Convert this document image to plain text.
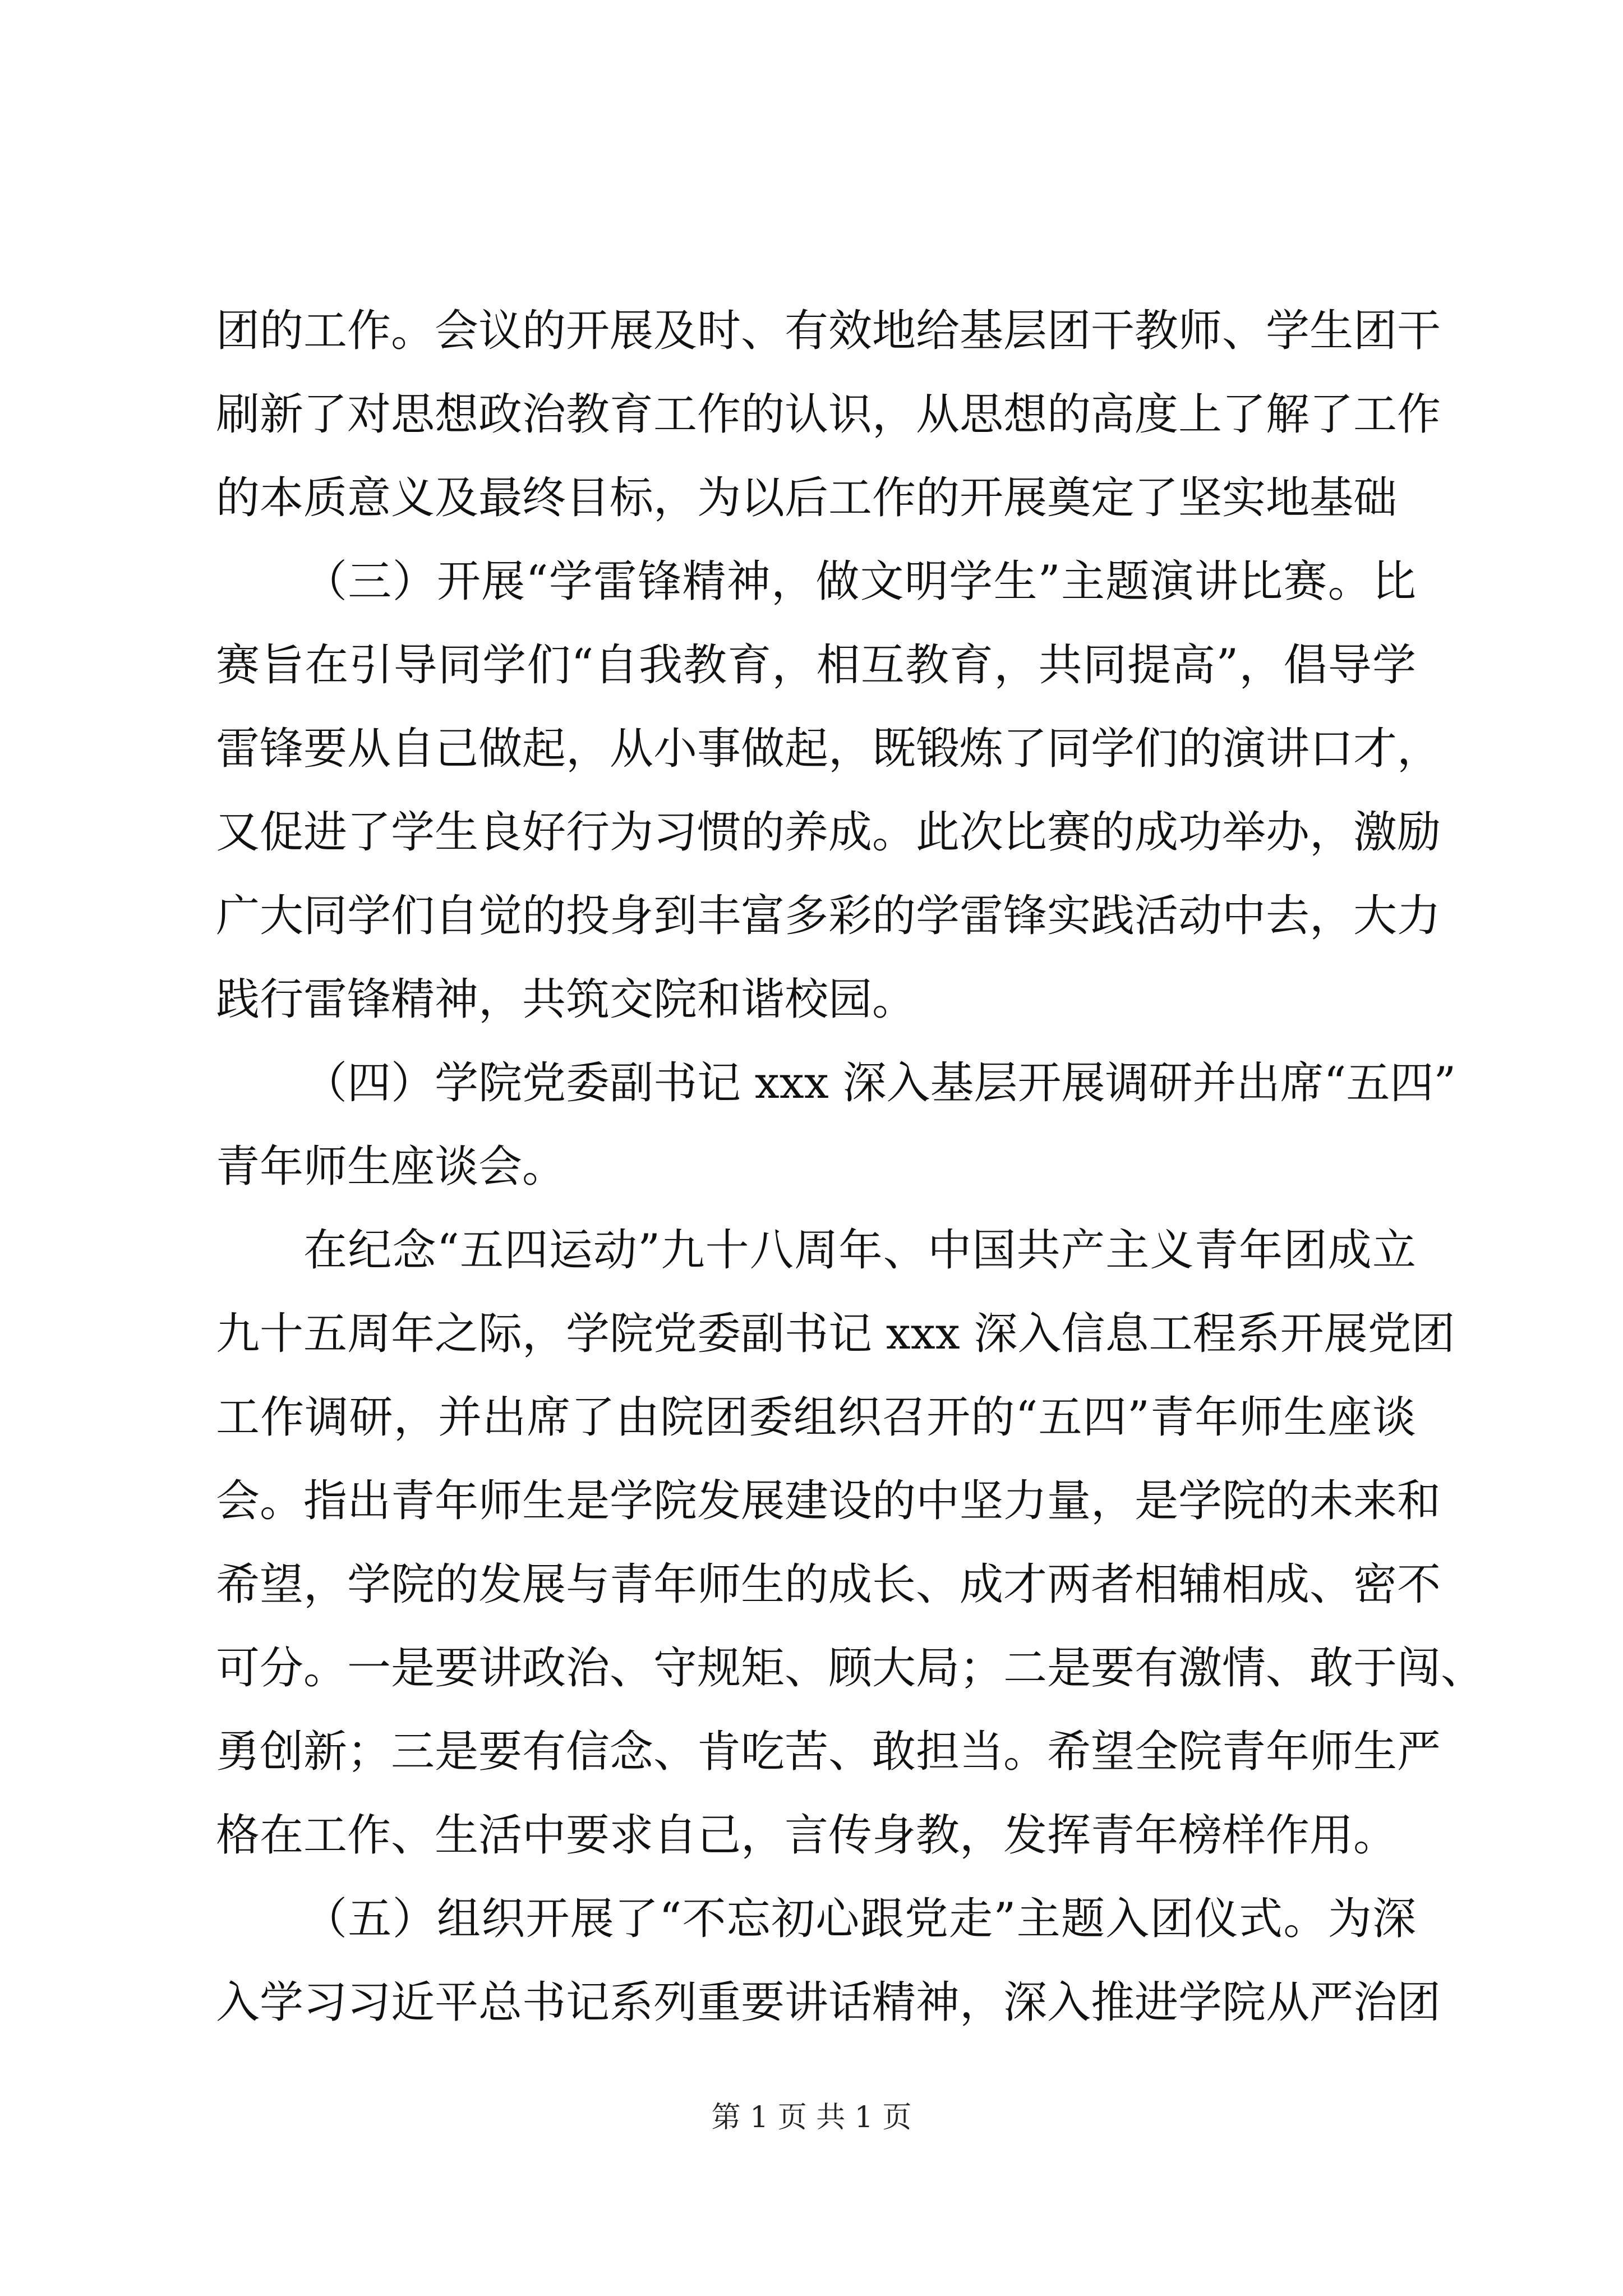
团的工作。会议的开展及时、有效地给基层团干教师、学生团干
刷新了对思想政治教育工作的认识，从思想的高度上了解了工作
的本质意义及最终目标，为以后工作的开展奠定了坚实地基础
（三）开展“学雷锋精神，做文明学生”主题演讲比赛。比
赛旨在引导同学们“自我教育，相互教育，共同提高”，倡导学
雷锋要从自己做起，从小事做起，既锻炼了同学们的演讲口才，
又促进了学生良好行为习惯的养成。此次比赛的成功举办，激励
广大同学们自觉的投身到丰富多彩的学雷锋实践活动中去，大力
践行雷锋精神，共筑交院和谐校园。
（四）学院党委副书记 xxx 深入基层开展调研并出席“五四”
青年师生座谈会。
在纪念“五四运动”九十八周年、中国共产主义青年团成立
九十五周年之际，学院党委副书记 xxx 深入信息工程系开展党团
工作调研，并出席了由院团委组织召开的“五四”青年师生座谈
会。指出青年师生是学院发展建设的中坚力量，是学院的未来和
希望，学院的发展与青年师生的成长、成才两者相辅相成、密不
可分。一是要讲政治、守规矩、顾大局；二是要有激情、敢于闯、
勇创新；三是要有信念、肯吃苦、敢担当。希望全院青年师生严
格在工作、生活中要求自己，言传身教，发挥青年榜样作用。
（五）组织开展了“不忘初心跟党走”主题入团仪式。为深
入学习习近平总书记系列重要讲话精神，深入推进学院从严治团
第 1 页 共 1 页
